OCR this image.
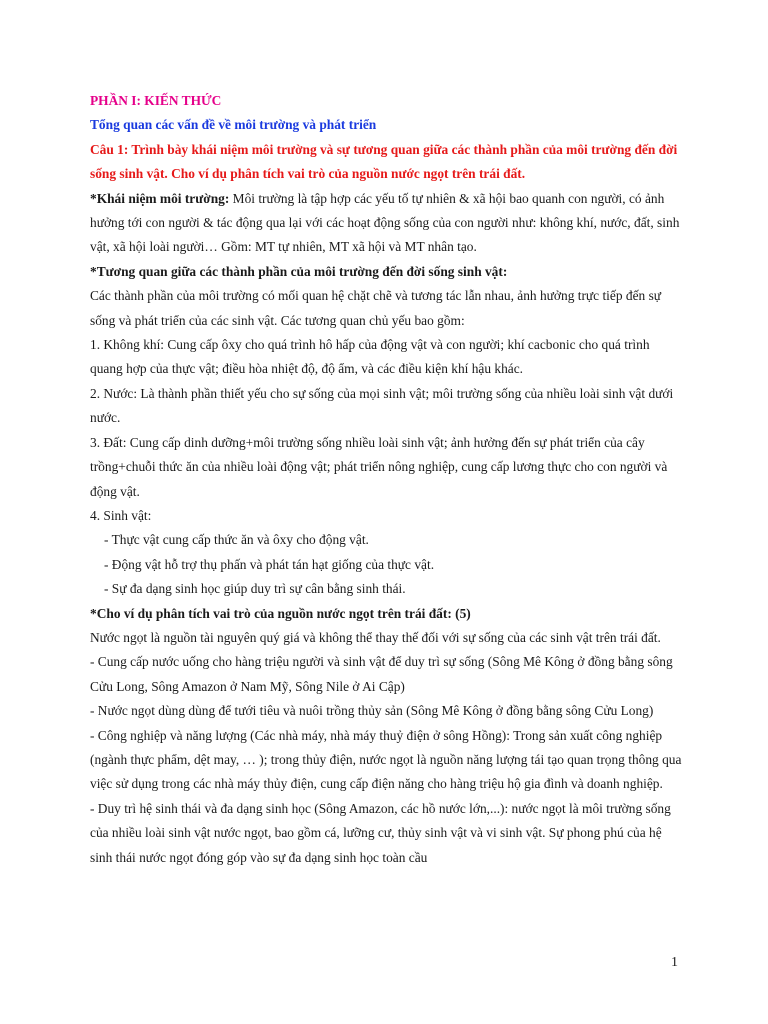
PHẦN I: KIẾN THỨC

Tổng quan các vấn đề về môi trường và phát triển

Câu 1: Trình bày khái niệm môi trường và sự tương quan giữa các thành phần của môi trường đến đời sống sinh vật. Cho ví dụ phân tích vai trò của nguồn nước ngọt trên trái đất.

*Khái niệm môi trường: Môi trường là tập hợp các yếu tố tự nhiên & xã hội bao quanh con người, có ảnh hưởng tới con người & tác động qua lại với các hoạt động sống của con người như: không khí, nước, đất, sinh vật, xã hội loài người… Gồm: MT tự nhiên, MT xã hội và MT nhân tạo.

*Tương quan giữa các thành phần của môi trường đến đời sống sinh vật:

Các thành phần của môi trường có mối quan hệ chặt chẽ và tương tác lẫn nhau, ảnh hưởng trực tiếp đến sự sống và phát triển của các sinh vật. Các tương quan chủ yếu bao gồm:

1. Không khí: Cung cấp ôxy cho quá trình hô hấp của động vật và con người; khí cacbonic cho quá trình quang hợp của thực vật; điều hòa nhiệt độ, độ ẩm, và các điều kiện khí hậu khác.

2. Nước: Là thành phần thiết yếu cho sự sống của mọi sinh vật; môi trường sống của nhiều loài sinh vật dưới nước.

3. Đất: Cung cấp dinh dưỡng+môi trường sống nhiều loài sinh vật; ảnh hưởng đến sự phát triển của cây trồng+chuỗi thức ăn của nhiều loài động vật; phát triển nông nghiệp, cung cấp lương thực cho con người và động vật.

4. Sinh vật:

- Thực vật cung cấp thức ăn và ôxy cho động vật.

- Động vật hỗ trợ thụ phấn và phát tán hạt giống của thực vật.

- Sự đa dạng sinh học giúp duy trì sự cân bằng sinh thái.

*Cho ví dụ phân tích vai trò của nguồn nước ngọt trên trái đất: (5)

Nước ngọt là nguồn tài nguyên quý giá và không thể thay thế đối với sự sống của các sinh vật trên trái đất.

- Cung cấp nước uống cho hàng triệu người và sinh vật để duy trì sự sống (Sông Mê Kông ở đồng bằng sông Cửu Long, Sông Amazon ở Nam Mỹ, Sông Nile ở Ai Cập)

- Nước ngọt dùng dùng để tưới tiêu và nuôi trồng thủy sản (Sông Mê Kông ở đồng bằng sông Cửu Long)

- Công nghiệp và năng lượng (Các nhà máy, nhà máy thuỷ điện ở sông Hồng): Trong sản xuất công nghiệp (ngành thực phẩm, dệt may, … ); trong thủy điện, nước ngọt là nguồn năng lượng tái tạo quan trọng thông qua việc sử dụng trong các nhà máy thủy điện, cung cấp điện năng cho hàng triệu hộ gia đình và doanh nghiệp.

- Duy trì hệ sinh thái và đa dạng sinh học (Sông Amazon, các hồ nước lớn,...): nước ngọt là môi trường sống của nhiều loài sinh vật nước ngọt, bao gồm cá, lưỡng cư, thủy sinh vật và vi sinh vật. Sự phong phú của hệ sinh thái nước ngọt đóng góp vào sự đa dạng sinh học toàn cầu

1
